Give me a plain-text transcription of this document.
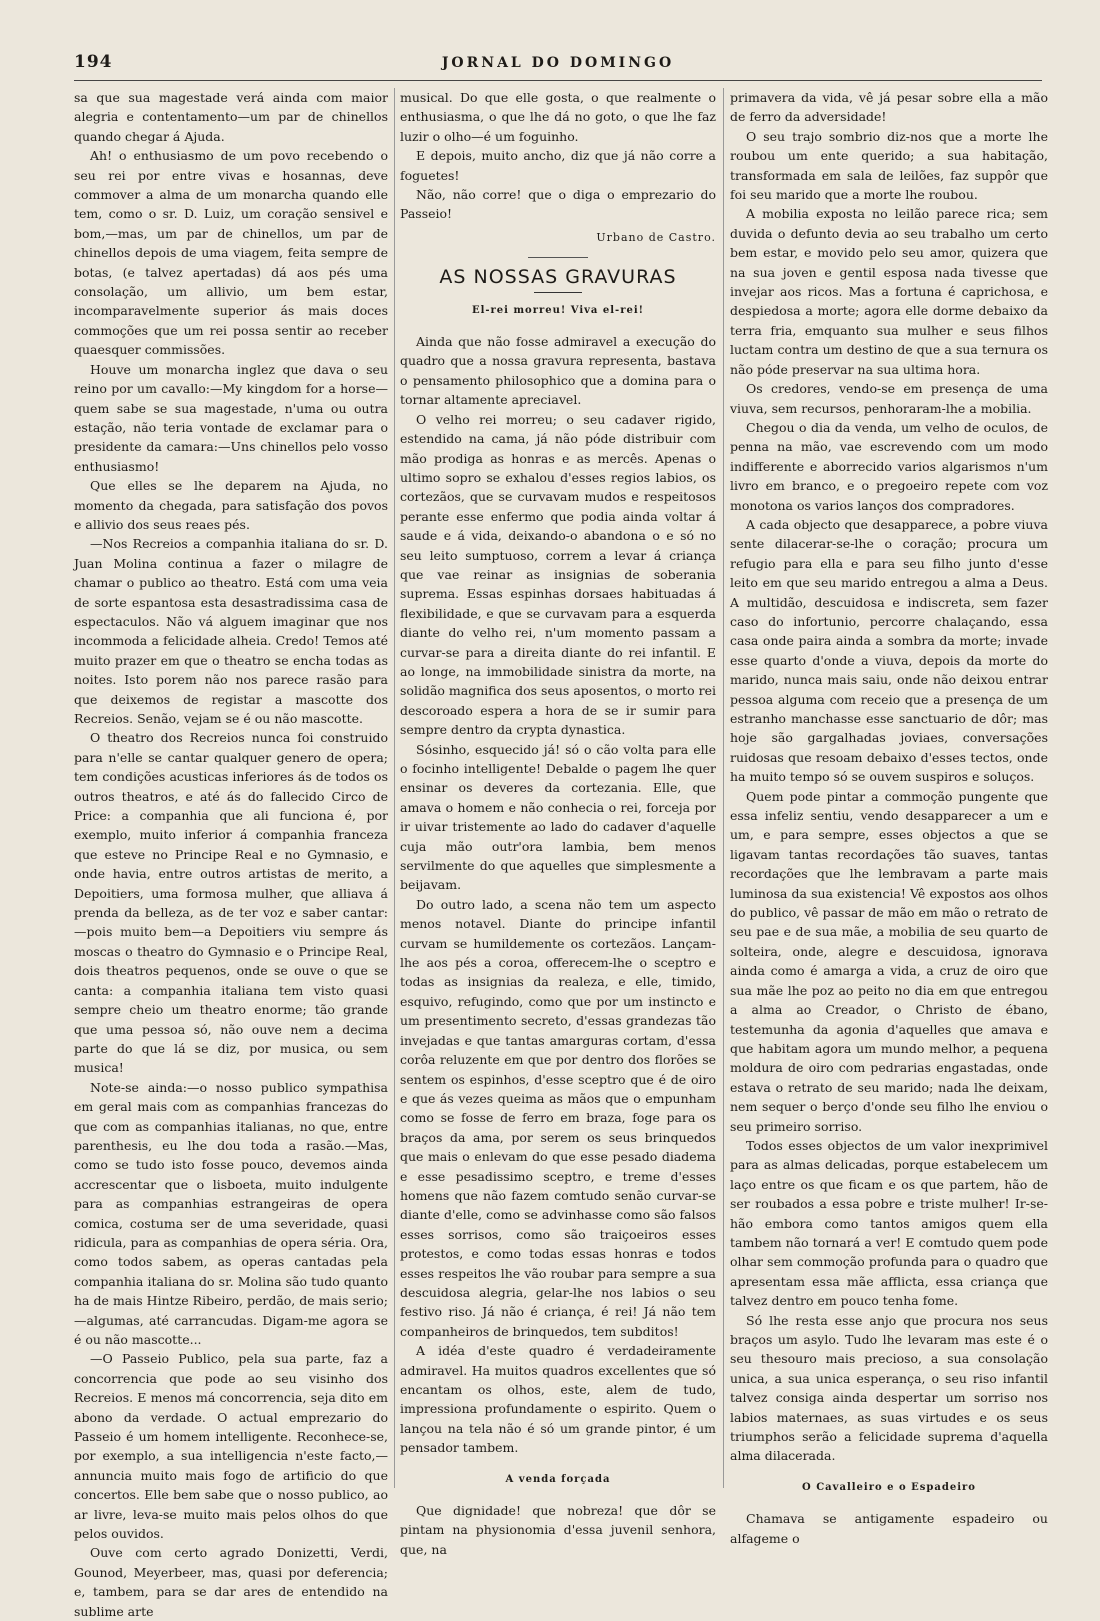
194	JORNAL DO DOMINGO

sa que sua magestade verá ainda com maior alegria e contentamento—um par de chinellos quando chegar á Ajuda.

Ah! o enthusiasmo de um povo recebendo o seu rei por entre vivas e hosannas, deve commover a alma de um monarcha quando elle tem, como o sr. D. Luiz, um coração sensivel e bom,—mas, um par de chinellos, um par de chinellos depois de uma viagem, feita sempre de botas, (e talvez apertadas) dá aos pés uma consolação, um allivio, um bem estar, incomparavelmente superior ás mais doces commoções que um rei possa sentir ao receber quaesquer commissões.

Houve um monarcha inglez que dava o seu reino por um cavallo:—My kingdom for a horse—quem sabe se sua magestade, n'uma ou outra estação, não teria vontade de exclamar para o presidente da camara:—Uns chinellos pelo vosso enthusiasmo!

Que elles se lhe deparem na Ajuda, no momento da chegada, para satisfação dos povos e allivio dos seus reaes pés.

—Nos Recreios a companhia italiana do sr. D. Juan Molina continua a fazer o milagre de chamar o publico ao theatro. Está com uma veia de sorte espantosa esta desastradissima casa de espectaculos. Não vá alguem imaginar que nos incommoda a felicidade alheia. Credo! Temos até muito prazer em que o theatro se encha todas as noites. Isto porem não nos parece rasão para que deixemos de registar a mascotte dos Recreios. Senão, vejam se é ou não mascotte.

O theatro dos Recreios nunca foi construido para n'elle se cantar qualquer genero de opera; tem condições acusticas inferiores ás de todos os outros theatros, e até ás do fallecido Circo de Price: a companhia que ali funciona é, por exemplo, muito inferior á companhia franceza que esteve no Principe Real e no Gymnasio, e onde havia, entre outros artistas de merito, a Depoitiers, uma formosa mulher, que alliava á prenda da belleza, as de ter voz e saber cantar:—pois muito bem—a Depoitiers viu sempre ás moscas o theatro do Gymnasio e o Principe Real, dois theatros pequenos, onde se ouve o que se canta: a companhia italiana tem visto quasi sempre cheio um theatro enorme; tão grande que uma pessoa só, não ouve nem a decima parte do que lá se diz, por musica, ou sem musica!

Note-se ainda:—o nosso publico sympathisa em geral mais com as companhias francezas do que com as companhias italianas, no que, entre parenthesis, eu lhe dou toda a rasão.—Mas, como se tudo isto fosse pouco, devemos ainda accrescentar que o lisboeta, muito indulgente para as companhias estrangeiras de opera comica, costuma ser de uma severidade, quasi ridicula, para as companhias de opera séria. Ora, como todos sabem, as operas cantadas pela companhia italiana do sr. Molina são tudo quanto ha de mais Hintze Ribeiro, perdão, de mais serio;—algumas, até carrancudas. Digam-me agora se é ou não mascotte...

—O Passeio Publico, pela sua parte, faz a concorrencia que pode ao seu visinho dos Recreios. E menos má concorrencia, seja dito em abono da verdade. O actual emprezario do Passeio é um homem intelligente. Reconhece-se, por exemplo, a sua intelligencia n'este facto,—annuncia muito mais fogo de artificio do que concertos. Elle bem sabe que o nosso publico, ao ar livre, leva-se muito mais pelos olhos do que pelos ouvidos.

Ouve com certo agrado Donizetti, Verdi, Gounod, Meyerbeer, mas, quasi por deferencia; e, tambem, para se dar ares de entendido na sublime arte

musical. Do que elle gosta, o que realmente o enthusiasma, o que lhe dá no goto, o que lhe faz luzir o olho—é um foguinho.

E depois, muito ancho, diz que já não corre a foguetes!

Não, não corre! que o diga o emprezario do Passeio!

Urbano de Castro.
AS NOSSAS GRAVURAS
El-rei morreu! Viva el-rei!

Ainda que não fosse admiravel a execução do quadro que a nossa gravura representa, bastava o pensamento philosophico que a domina para o tornar altamente apreciavel.

O velho rei morreu; o seu cadaver rigido, estendido na cama, já não póde distribuir com mão prodiga as honras e as mercês. Apenas o ultimo sopro se exhalou d'esses regios labios, os cortezãos, que se curvavam mudos e respeitosos perante esse enfermo que podia ainda voltar á saude e á vida, deixando-o abandona o e só no seu leito sumptuoso, correm a levar á criança que vae reinar as insignias de soberania suprema. Essas espinhas dorsaes habituadas á flexibilidade, e que se curvavam para a esquerda diante do velho rei, n'um momento passam a curvar-se para a direita diante do rei infantil. E ao longe, na immobilidade sinistra da morte, na solidão magnifica dos seus aposentos, o morto rei descoroado espera a hora de se ir sumir para sempre dentro da crypta dynastica.

Sósinho, esquecido já! só o cão volta para elle o focinho intelligente! Debalde o pagem lhe quer ensinar os deveres da cortezania. Elle, que amava o homem e não conhecia o rei, forceja por ir uivar tristemente ao lado do cadaver d'aquelle cuja mão outr'ora lambia, bem menos servilmente do que aquelles que simplesmente a beijavam.

Do outro lado, a scena não tem um aspecto menos notavel. Diante do principe infantil curvam se humildemente os cortezãos. Lançam-lhe aos pés a coroa, offerecem-lhe o sceptro e todas as insignias da realeza, e elle, timido, esquivo, refugindo, como que por um instincto e um presentimento secreto, d'essas grandezas tão invejadas e que tantas amarguras cortam, d'essa corôa reluzente em que por dentro dos florões se sentem os espinhos, d'esse sceptro que é de oiro e que ás vezes queima as mãos que o empunham como se fosse de ferro em braza, foge para os braços da ama, por serem os seus brinquedos que mais o enlevam do que esse pesado diadema e esse pesadissimo sceptro, e treme d'esses homens que não fazem comtudo senão curvar-se diante d'elle, como se advinhasse como são falsos esses sorrisos, como são traiçoeiros esses protestos, e como todas essas honras e todos esses respeitos lhe vão roubar para sempre a sua descuidosa alegria, gelar-lhe nos labios o seu festivo riso. Já não é criança, é rei! Já não tem companheiros de brinquedos, tem subditos!

A idéa d'este quadro é verdadeiramente admiravel. Ha muitos quadros excellentes que só encantam os olhos, este, alem de tudo, impressiona profundamente o espirito. Quem o lançou na tela não é só um grande pintor, é um pensador tambem.

A venda forçada

Que dignidade! que nobreza! que dôr se pintam na physionomia d'essa juvenil senhora, que, na

primavera da vida, vê já pesar sobre ella a mão de ferro da adversidade!

O seu trajo sombrio diz-nos que a morte lhe roubou um ente querido; a sua habitação, transformada em sala de leilões, faz suppôr que foi seu marido que a morte lhe roubou.

A mobilia exposta no leilão parece rica; sem duvida o defunto devia ao seu trabalho um certo bem estar, e movido pelo seu amor, quizera que na sua joven e gentil esposa nada tivesse que invejar aos ricos. Mas a fortuna é caprichosa, e despiedosa a morte; agora elle dorme debaixo da terra fria, emquanto sua mulher e seus filhos luctam contra um destino de que a sua ternura os não póde preservar na sua ultima hora.

Os credores, vendo-se em presença de uma viuva, sem recursos, penhoraram-lhe a mobilia.

Chegou o dia da venda, um velho de oculos, de penna na mão, vae escrevendo com um modo indifferente e aborrecido varios algarismos n'um livro em branco, e o pregoeiro repete com voz monotona os varios lanços dos compradores.

A cada objecto que desapparece, a pobre viuva sente dilacerar-se-lhe o coração; procura um refugio para ella e para seu filho junto d'esse leito em que seu marido entregou a alma a Deus. A multidão, descuidosa e indiscreta, sem fazer caso do infortunio, percorre chalaçando, essa casa onde paira ainda a sombra da morte; invade esse quarto d'onde a viuva, depois da morte do marido, nunca mais saiu, onde não deixou entrar pessoa alguma com receio que a presença de um estranho manchasse esse sanctuario de dôr; mas hoje são gargalhadas joviaes, conversações ruidosas que resoam debaixo d'esses tectos, onde ha muito tempo só se ouvem suspiros e soluços.

Quem pode pintar a commoção pungente que essa infeliz sentiu, vendo desapparecer a um e um, e para sempre, esses objectos a que se ligavam tantas recordações tão suaves, tantas recordações que lhe lembravam a parte mais luminosa da sua existencia! Vê expostos aos olhos do publico, vê passar de mão em mão o retrato de seu pae e de sua mãe, a mobilia de seu quarto de solteira, onde, alegre e descuidosa, ignorava ainda como é amarga a vida, a cruz de oiro que sua mãe lhe poz ao peito no dia em que entregou a alma ao Creador, o Christo de ébano, testemunha da agonia d'aquelles que amava e que habitam agora um mundo melhor, a pequena moldura de oiro com pedrarias engastadas, onde estava o retrato de seu marido; nada lhe deixam, nem sequer o berço d'onde seu filho lhe enviou o seu primeiro sorriso.

Todos esses objectos de um valor inexprimivel para as almas delicadas, porque estabelecem um laço entre os que ficam e os que partem, hão de ser roubados a essa pobre e triste mulher! Ir-se-hão embora como tantos amigos quem ella tambem não tornará a ver! E comtudo quem pode olhar sem commoção profunda para o quadro que apresentam essa mãe afflicta, essa criança que talvez dentro em pouco tenha fome.

Só lhe resta esse anjo que procura nos seus braços um asylo. Tudo lhe levaram mas este é o seu thesouro mais precioso, a sua consolação unica, a sua unica esperança, o seu riso infantil talvez consiga ainda despertar um sorriso nos labios maternaes, as suas virtudes e os seus triumphos serão a felicidade suprema d'aquella alma dilacerada.

O Cavalleiro e o Espadeiro

Chamava se antigamente espadeiro ou alfageme o
